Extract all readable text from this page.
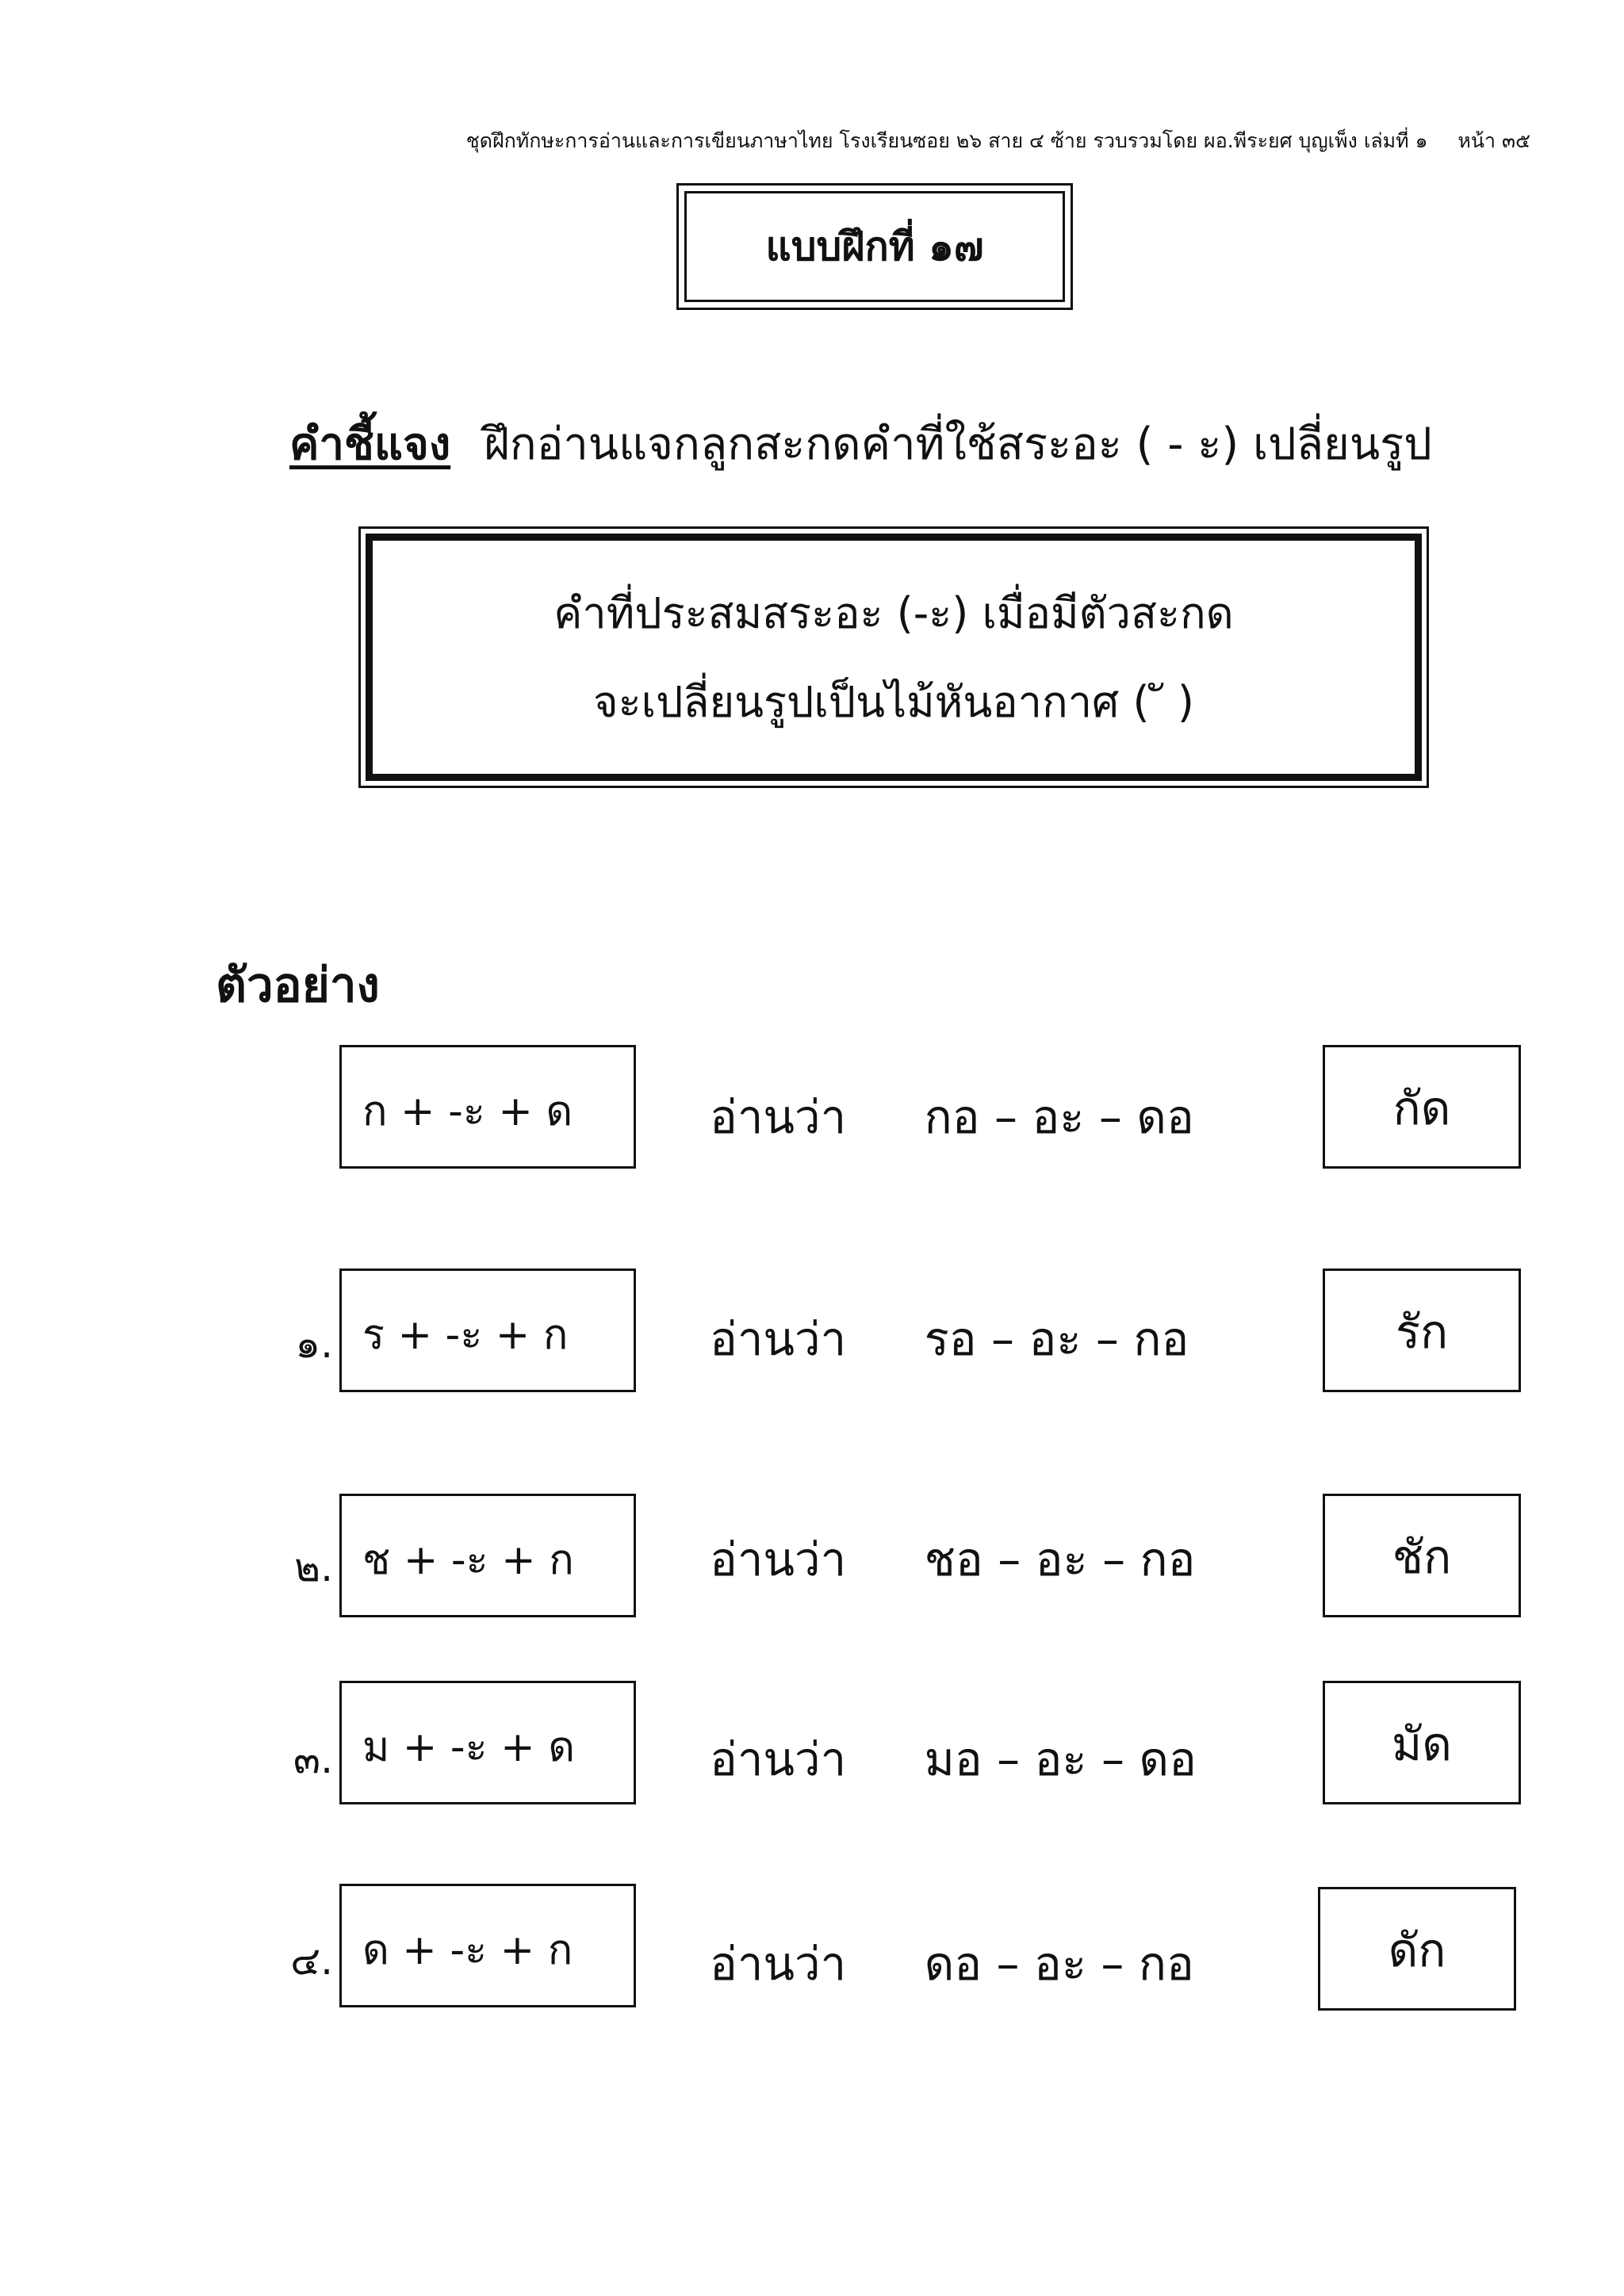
ชุดฝึกทักษะการอ่านและการเขียนภาษาไทย โรงเรียนซอย ๒๖ สาย ๔ ซ้าย รวบรวมโดย ผอ.พีระยศ บุญเพ็ง เล่มที่ ๑ หน้า ๓๕
แบบฝึกที่ ๑๗
คำชี้แจง ฝึกอ่านแจกลูกสะกดคำที่ใช้สระอะ ( - ะ) เปลี่ยนรูป
คำที่ประสมสระอะ (-ะ) เมื่อมีตัวสะกด
จะเปลี่ยนรูปเป็นไม้หันอากาศ ( ั )
ตัวอย่าง
ก + -ะ + ด	อ่านว่า กอ – อะ – ดอ	กัด
๑. ร + -ะ + ก	อ่านว่า รอ – อะ – กอ	รัก
๒. ช + -ะ + ก	อ่านว่า ชอ – อะ – กอ	ชัก
๓. ม + -ะ + ด	อ่านว่า มอ – อะ – ดอ	มัด
๔. ด + -ะ + ก	อ่านว่า ดอ – อะ – กอ	ดัก
